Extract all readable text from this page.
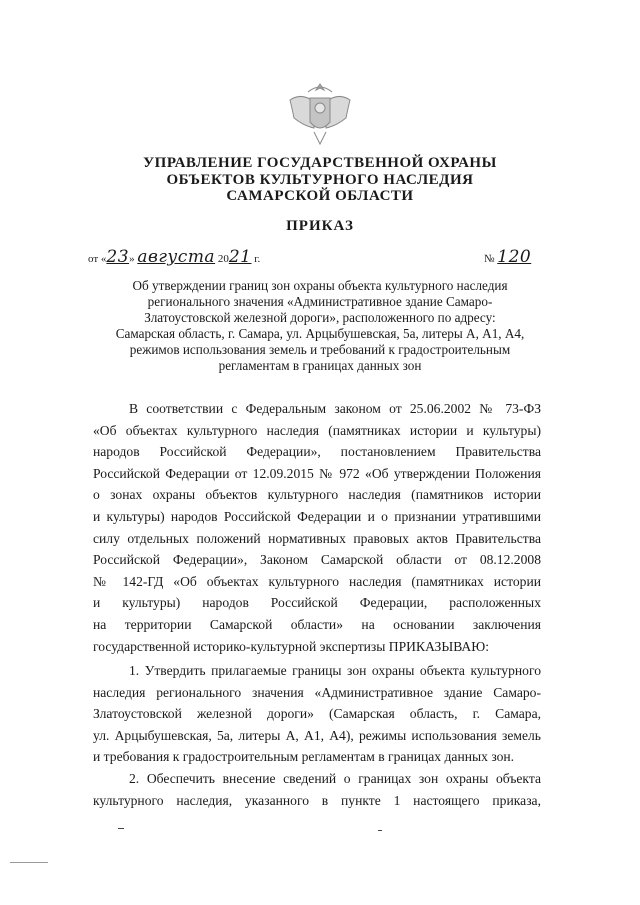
УПРАВЛЕНИЕ ГОСУДАРСТВЕННОЙ ОХРАНЫ
ОБЪЕКТОВ КУЛЬТУРНОГО НАСЛЕДИЯ
САМАРСКОЙ ОБЛАСТИ
ПРИКАЗ
от «23» августа 2021 г.	№ 120
Об утверждении границ зон охраны объекта культурного наследия
регионального значения «Административное здание Самаро-
Златоустовской железной дороги», расположенного по адресу:
Самарская область, г. Самара, ул. Арцыбушевская, 5а, литеры А, А1, А4,
режимов использования земель и требований к градостроительным
регламентам в границах данных зон
В соответствии с Федеральным законом от 25.06.2002 № 73-ФЗ
«Об объектах культурного наследия (памятниках истории и культуры)
народов Российской Федерации», постановлением Правительства
Российской Федерации от 12.09.2015 № 972 «Об утверждении Положения
о зонах охраны объектов культурного наследия (памятников истории
и культуры) народов Российской Федерации и о признании утратившими
силу отдельных положений нормативных правовых актов Правительства
Российской Федерации», Законом Самарской области от 08.12.2008
№ 142-ГД «Об объектах культурного наследия (памятниках истории
и культуры) народов Российской Федерации, расположенных
на территории Самарской области» на основании заключения
государственной историко-культурной экспертизы ПРИКАЗЫВАЮ:
1. Утвердить прилагаемые границы зон охраны объекта культурного
наследия регионального значения «Административное здание Самаро-
Златоустовской железной дороги» (Самарская область, г. Самара,
ул. Арцыбушевская, 5а, литеры А, А1, А4), режимы использования земель
и требования к градостроительным регламентам в границах данных зон.
2. Обеспечить внесение сведений о границах зон охраны объекта
культурного наследия, указанного в пункте 1 настоящего приказа,
